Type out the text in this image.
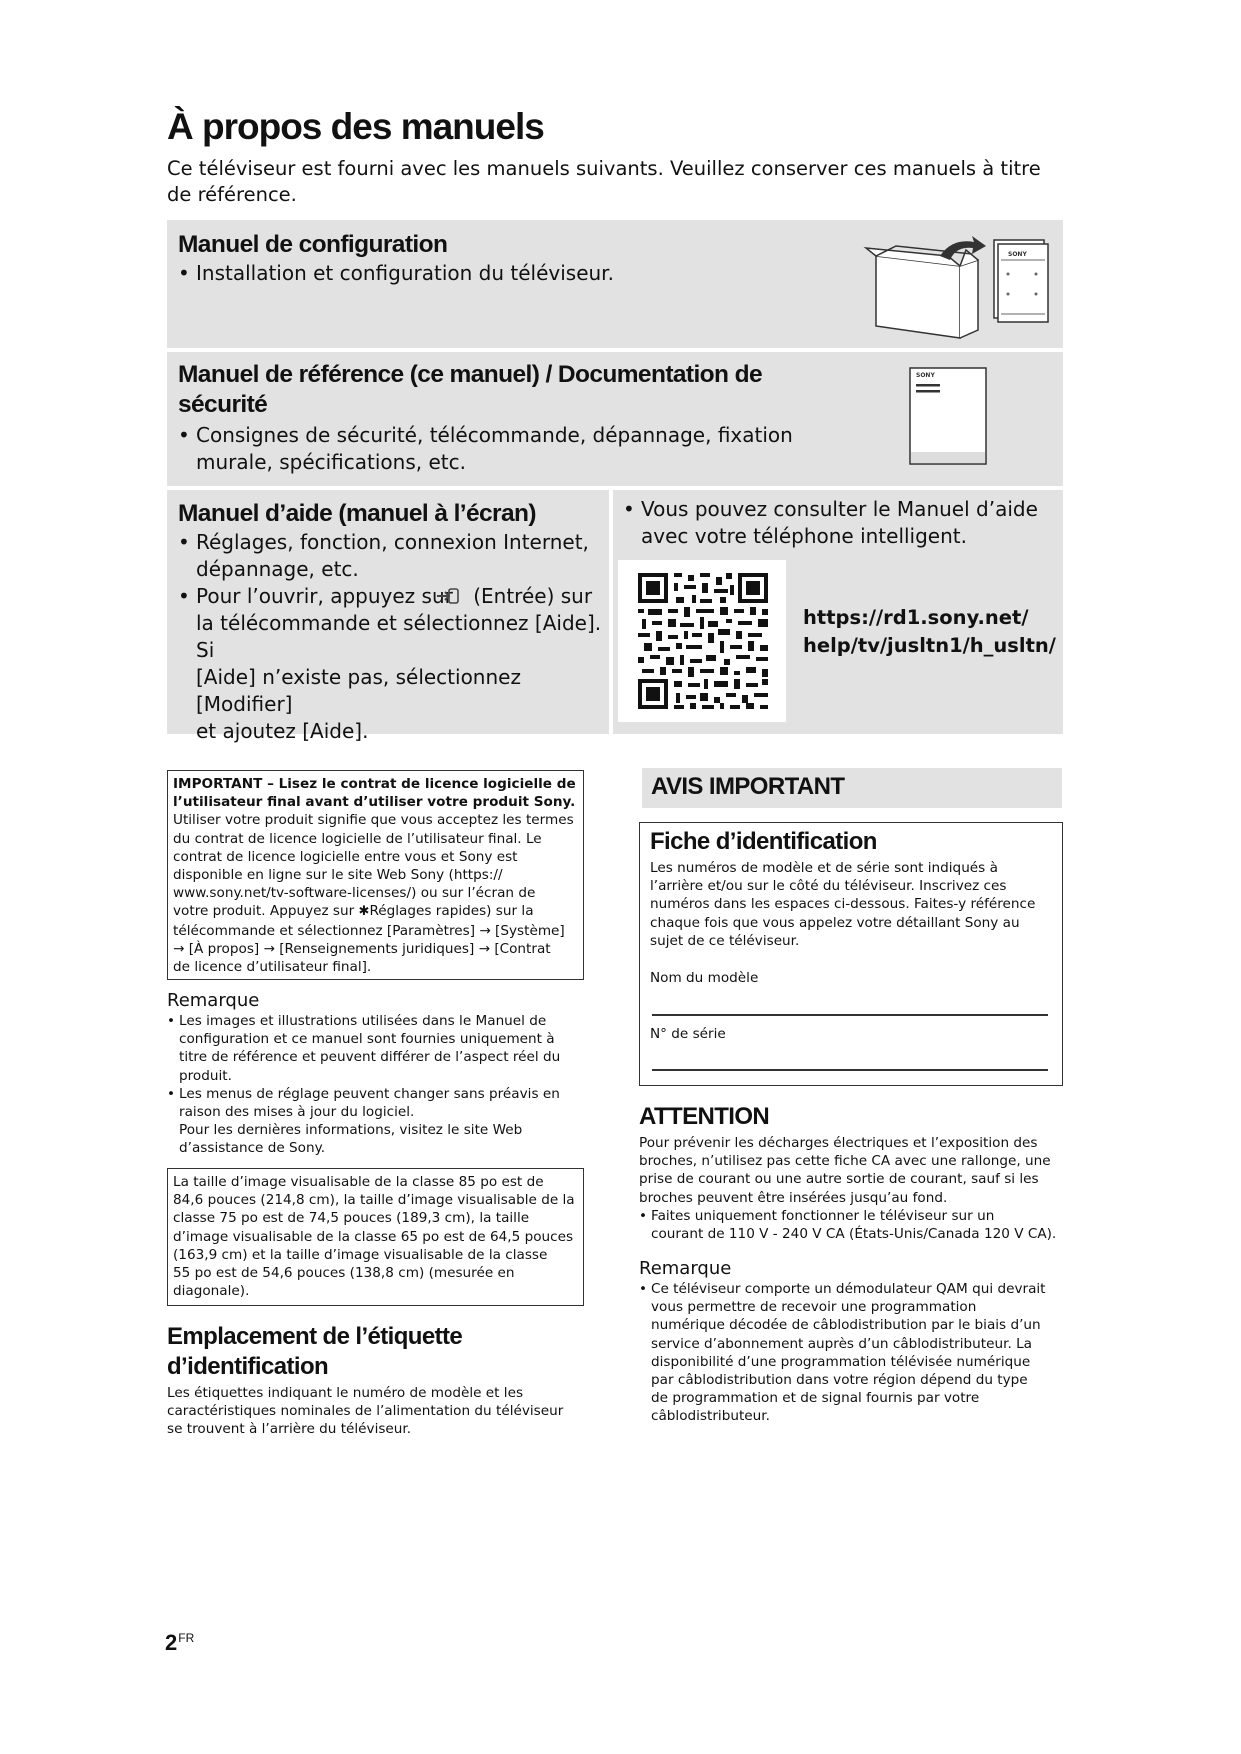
À propos des manuels
Ce téléviseur est fourni avec les manuels suivants. Veuillez conserver ces manuels à titre de référence.

Manuel de configuration

• Installation et configuration du téléviseur.

SONY

Manuel de référence (ce manuel) / Documentation de

sécurité

• Consignes de sécurité, télécommande, dépannage, fixation

murale, spécifications, etc.

SONY

Manuel d’aide (manuel à l’écran)

• Réglages, fonction, connexion Internet,

dépannage, etc.

• Pour l’ouvrir, appuyez sur (Entrée) sur

la télécommande et sélectionnez [Aide]. Si

[Aide] n’existe pas, sélectionnez [Modifier]

et ajoutez [Aide].

• Vous pouvez consulter le Manuel d’aide

avec votre téléphone intelligent.

https://rd1.sony.net/
help/tv/jusltn1/h_usltn/

IMPORTANT – Lisez le contrat de licence logicielle de

l’utilisateur final avant d’utiliser votre produit Sony.

Utiliser votre produit signifie que vous acceptez les termes

du contrat de licence logicielle de l’utilisateur final. Le

contrat de licence logicielle entre vous et Sony est

disponible en ligne sur le site Web Sony (https://

www.sony.net/tv-software-licenses/) ou sur l’écran de

votre produit. Appuyez sur ✱Réglages rapides) sur la

télécommande et sélectionnez [Paramètres] → [Système]

→ [À propos] → [Renseignements juridiques] → [Contrat

de licence d’utilisateur final].

Remarque

• Les images et illustrations utilisées dans le Manuel de

configuration et ce manuel sont fournies uniquement à

titre de référence et peuvent différer de l’aspect réel du

produit.

• Les menus de réglage peuvent changer sans préavis en

raison des mises à jour du logiciel.

Pour les dernières informations, visitez le site Web

d’assistance de Sony.

La taille d’image visualisable de la classe 85 po est de

84,6 pouces (214,8 cm), la taille d’image visualisable de la

classe 75 po est de 74,5 pouces (189,3 cm), la taille

d’image visualisable de la classe 65 po est de 64,5 pouces

(163,9 cm) et la taille d’image visualisable de la classe

55 po est de 54,6 pouces (138,8 cm) (mesurée en

diagonale).

Emplacement de l’étiquette

d’identification

Les étiquettes indiquant le numéro de modèle et les

caractéristiques nominales de l’alimentation du téléviseur

se trouvent à l’arrière du téléviseur.

AVIS IMPORTANT

Fiche d’identification

Les numéros de modèle et de série sont indiqués à

l’arrière et/ou sur le côté du téléviseur. Inscrivez ces

numéros dans les espaces ci-dessous. Faites-y référence

chaque fois que vous appelez votre détaillant Sony au

sujet de ce téléviseur.

Nom du modèle
N° de série

ATTENTION

Pour prévenir les décharges électriques et l’exposition des

broches, n’utilisez pas cette fiche CA avec une rallonge, une

prise de courant ou une autre sortie de courant, sauf si les

broches peuvent être insérées jusqu’au fond.

• Faites uniquement fonctionner le téléviseur sur un

courant de 110 V - 240 V CA (États-Unis/Canada 120 V CA).

Remarque

• Ce téléviseur comporte un démodulateur QAM qui devrait

vous permettre de recevoir une programmation

numérique décodée de câblodistribution par le biais d’un

service d’abonnement auprès d’un câblodistributeur. La

disponibilité d’une programmation télévisée numérique

par câblodistribution dans votre région dépend du type

de programmation et de signal fournis par votre

câblodistributeur.

$2^{FR}$
